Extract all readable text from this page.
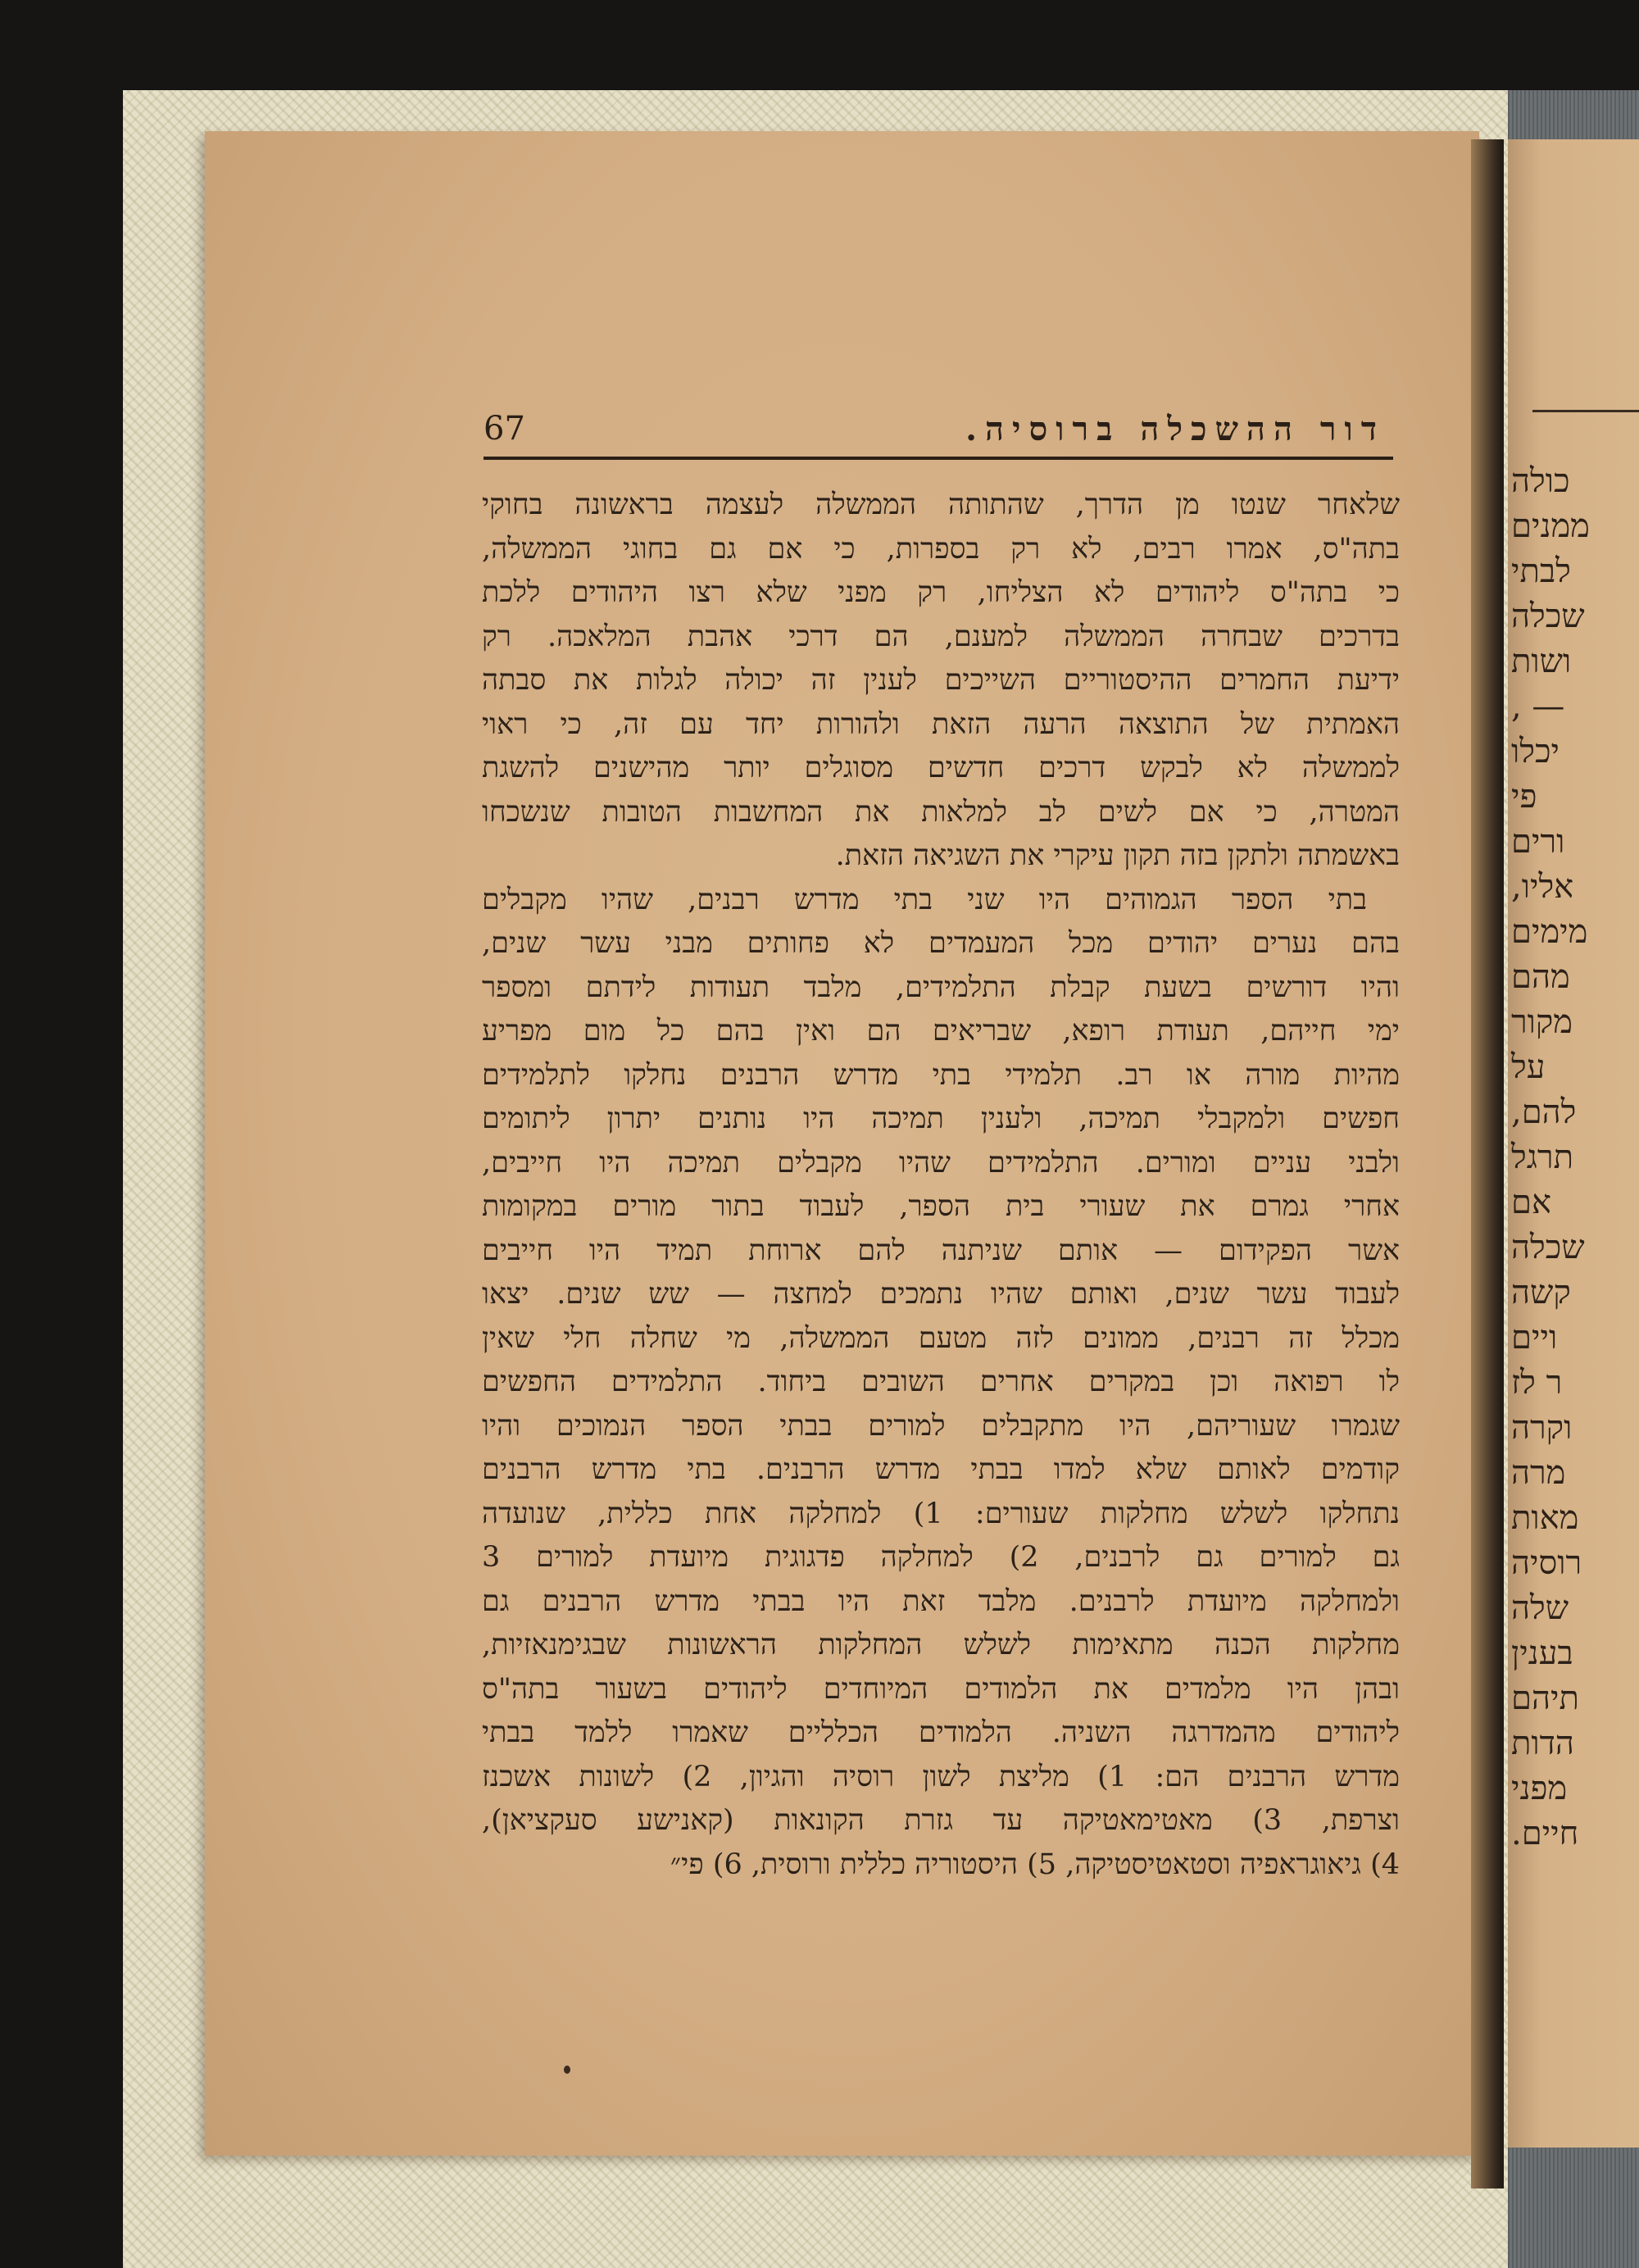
כולה
ממנים
לבתי
שכלה
ושות
— ,
יכלו
פי
ורים
אליו,
מימים
מהם
מקור
על
להם,
תרגל
אם
שכלה
קשה
ויים
ר לז
וקרה
מרה
מאות
רוסיה
שלה
בענין
תיהם
הדות
מפני
חיים.
67	דור ההשכלה ברוסיה.
שלאחר שנטו מן הדרך, שהתותה הממשלה לעצמה בראשונה בחוקי
בתה"ס, אמרו רבים, לא רק בספרות, כי אם גם בחוגי הממשלה,
כי בתה"ס ליהודים לא הצליחו, רק מפני שלא רצו היהודים ללכת
בדרכים שבחרה הממשלה למענם, הם דרכי אהבת המלאכה. רק
ידיעת החמרים ההיסטוריים השייכים לענין זה יכולה לגלות את סבתה
האמתית של התוצאה הרעה הזאת ולהורות יחד עם זה, כי ראוי
לממשלה לא לבקש דרכים חדשים מסוגלים יותר מהישנים להשגת
המטרה, כי אם לשים לב למלאות את המחשבות הטובות שנשכחו
באשמתה ולתקן בזה תקון עיקרי את השגיאה הזאת.
בתי הספר הגמוהים היו שני בתי מדרש רבנים, שהיו מקבלים
בהם נערים יהודים מכל המעמדים לא פחותים מבני עשר שנים,
והיו דורשים בשעת קבלת התלמידים, מלבד תעודות לידתם ומספר
ימי חייהם, תעודת רופא, שבריאים הם ואין בהם כל מום מפריע
מהיות מורה או רב. תלמידי בתי מדרש הרבנים נחלקו לתלמידים
חפשים ולמקבלי תמיכה, ולענין תמיכה היו נותנים יתרון ליתומים
ולבני עניים ומורים. התלמידים שהיו מקבלים תמיכה היו חייבים,
אחרי גמרם את שעורי בית הספר, לעבוד בתור מורים במקומות
אשר הפקידום — אותם שניתנה להם ארוחת תמיד היו חייבים
לעבוד עשר שנים, ואותם שהיו נתמכים למחצה — שש שנים. יצאו
מכלל זה רבנים, ממונים לזה מטעם הממשלה, מי שחלה חלי שאין
לו רפואה וכן במקרים אחרים השובים ביחוד. התלמידים החפשים
שגמרו שעוריהם, היו מתקבלים למורים בבתי הספר הנמוכים והיו
קודמים לאותם שלא למדו בבתי מדרש הרבנים. בתי מדרש הרבנים
נתחלקו לשלש מחלקות שעורים: 1) למחלקה אחת כללית, שנועדה
גם למורים גם לרבנים, 2) למחלקה פדגוגית מיועדת למורים 3
ולמחלקה מיועדת לרבנים. מלבד זאת היו בבתי מדרש הרבנים גם
מחלקות הכנה מתאימות לשלש המחלקות הראשונות שבגימנאזיות,
ובהן היו מלמדים את הלמודים המיוחדים ליהודים בשעור בתה"ס
ליהודים מהמדרגה השניה. הלמודים הכלליים שאמרו ללמד בבתי
מדרש הרבנים הם: 1) מליצת לשון רוסיה והגיון, 2) לשונות אשכנז
וצרפת, 3) מאטימאטיקה עד גזרת הקונאות (קאנישע סעקציאן),
4) גיאוגראפיה וסטאטיסטיקה, 5) היסטוריה כללית ורוסית, 6) פי״
